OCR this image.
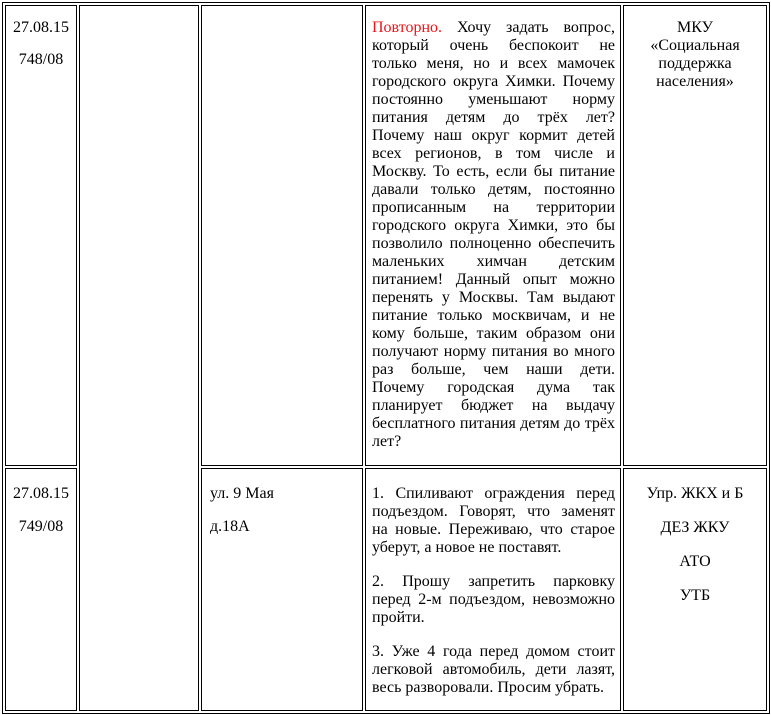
27.08.15
748/08
Повторно. Хочу задать вопрос,
который очень беспокоит не
только меня, но и всех мамочек
городского округа Химки. Почему
постоянно уменьшают норму
питания детям до трёх лет?
Почему наш округ кормит детей
всех регионов, в том числе и
Москву. То есть, если бы питание
давали только детям, постоянно
прописанным на территории
городского округа Химки, это бы
позволило полноценно обеспечить
маленьких химчан детским
питанием! Данный опыт можно
перенять у Москвы. Там выдают
питание только москвичам, и не
кому больше, таким образом они
получают норму питания во много
раз больше, чем наши дети.
Почему городская дума так
планирует бюджет на выдачу
бесплатного питания детям до трёх
лет?
МКУ
«Социальная
поддержка
населения»
27.08.15
749/08
ул. 9 Мая
д.18А
1. Спиливают ограждения перед
подъездом. Говорят, что заменят
на новые. Переживаю, что старое
уберут, а новое не поставят.
2. Прошу запретить парковку
перед 2-м подъездом, невозможно
пройти.
3. Уже 4 года перед домом стоит
легковой автомобиль, дети лазят,
весь разворовали. Просим убрать.
Упр. ЖКХ и Б
ДЕЗ ЖКУ
АТО
УТБ
